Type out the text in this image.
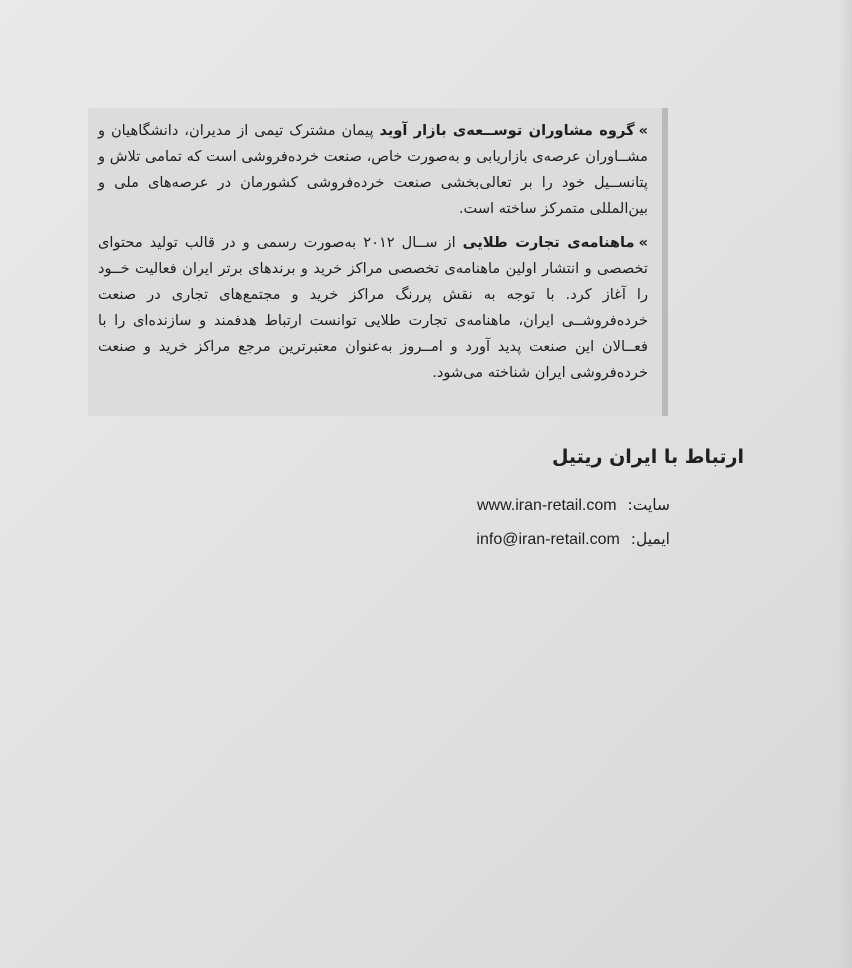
»گروه مشاوران توســعه‌ی بازار آوید پیمان مشترک تیمی از مدیران، دانشگاهیان و مشــاوران عرصه‌ی بازاریابی و به‌صورت خاص، صنعت خرده‌فروشی است که تمامی تلاش و پتانســیل خود را بر تعالی‌بخشی صنعت خرده‌فروشی کشورمان در عرصه‌های ملی و بین‌المللی متمرکز ساخته است.

»ماهنامه‌ی تجارت طلایی از ســال ۲۰۱۲ به‌صورت رسمی و در قالب تولید محتوای تخصصی و انتشار اولین ماهنامه‌ی تخصصی مراکز خرید و برندهای برتر ایران فعالیت خــود را آغاز کرد. با توجه به نقش پررنگ مراکز خرید و مجتمع‌های تجاری در صنعت خرده‌فروشــی ایران، ماهنامه‌ی تجارت طلایی توانست ارتباط هدفمند و سازنده‌ای را با فعــالان این صنعت پدید آورد و امــروز به‌عنوان معتبرترین مرجع مراکز خرید و صنعت خرده‌فروشی ایران شناخته می‌شود.

ارتباط با ایران ریتیل
سایت: www.iran-retail.com
ایمیل: info@iran-retail.com
